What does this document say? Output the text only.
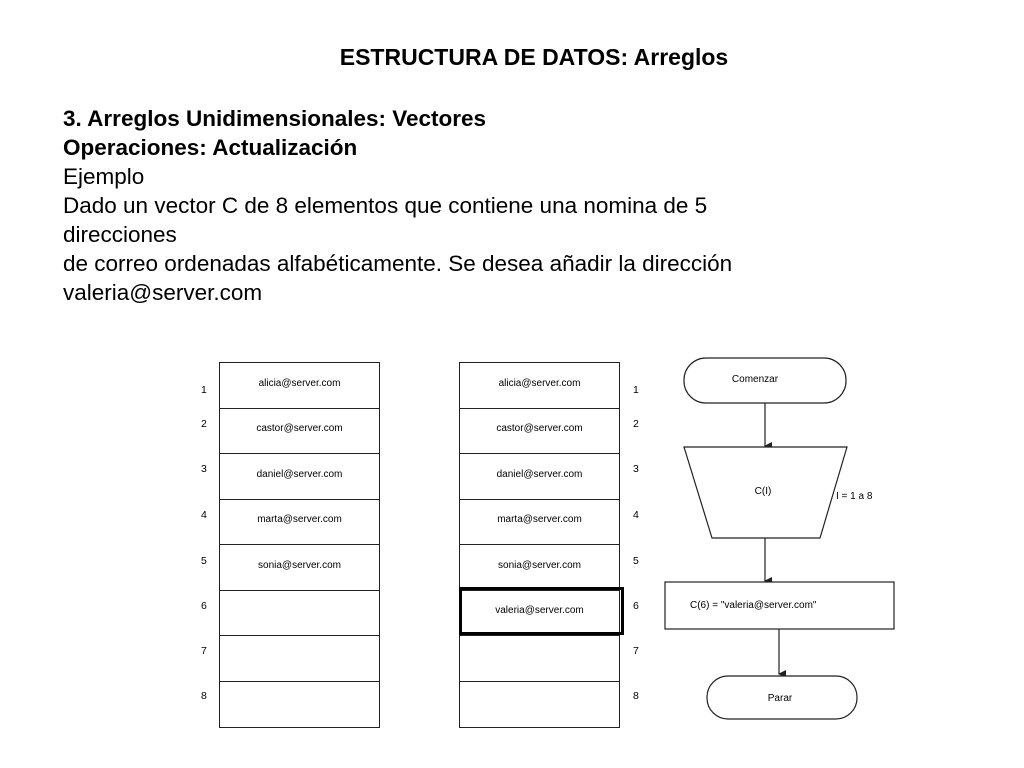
ESTRUCTURA DE DATOS: Arreglos
3. Arreglos Unidimensionales: Vectores
Operaciones: Actualización
Ejemplo
Dado un vector C de 8 elementos que contiene una nomina de 5
direcciones
de correo ordenadas alfabéticamente. Se desea añadir la dirección
valeria@server.com
alicia@server.com
castor@server.com
daniel@server.com
marta@server.com
sonia@server.com
1
2
3
4
5
6
7
8
alicia@server.com
castor@server.com
daniel@server.com
marta@server.com
sonia@server.com
valeria@server.com
1
2
3
4
5
6
7
8
Comenzar
C(I)	I = 1 a 8
C(6) = "valeria@server.com"
Parar
